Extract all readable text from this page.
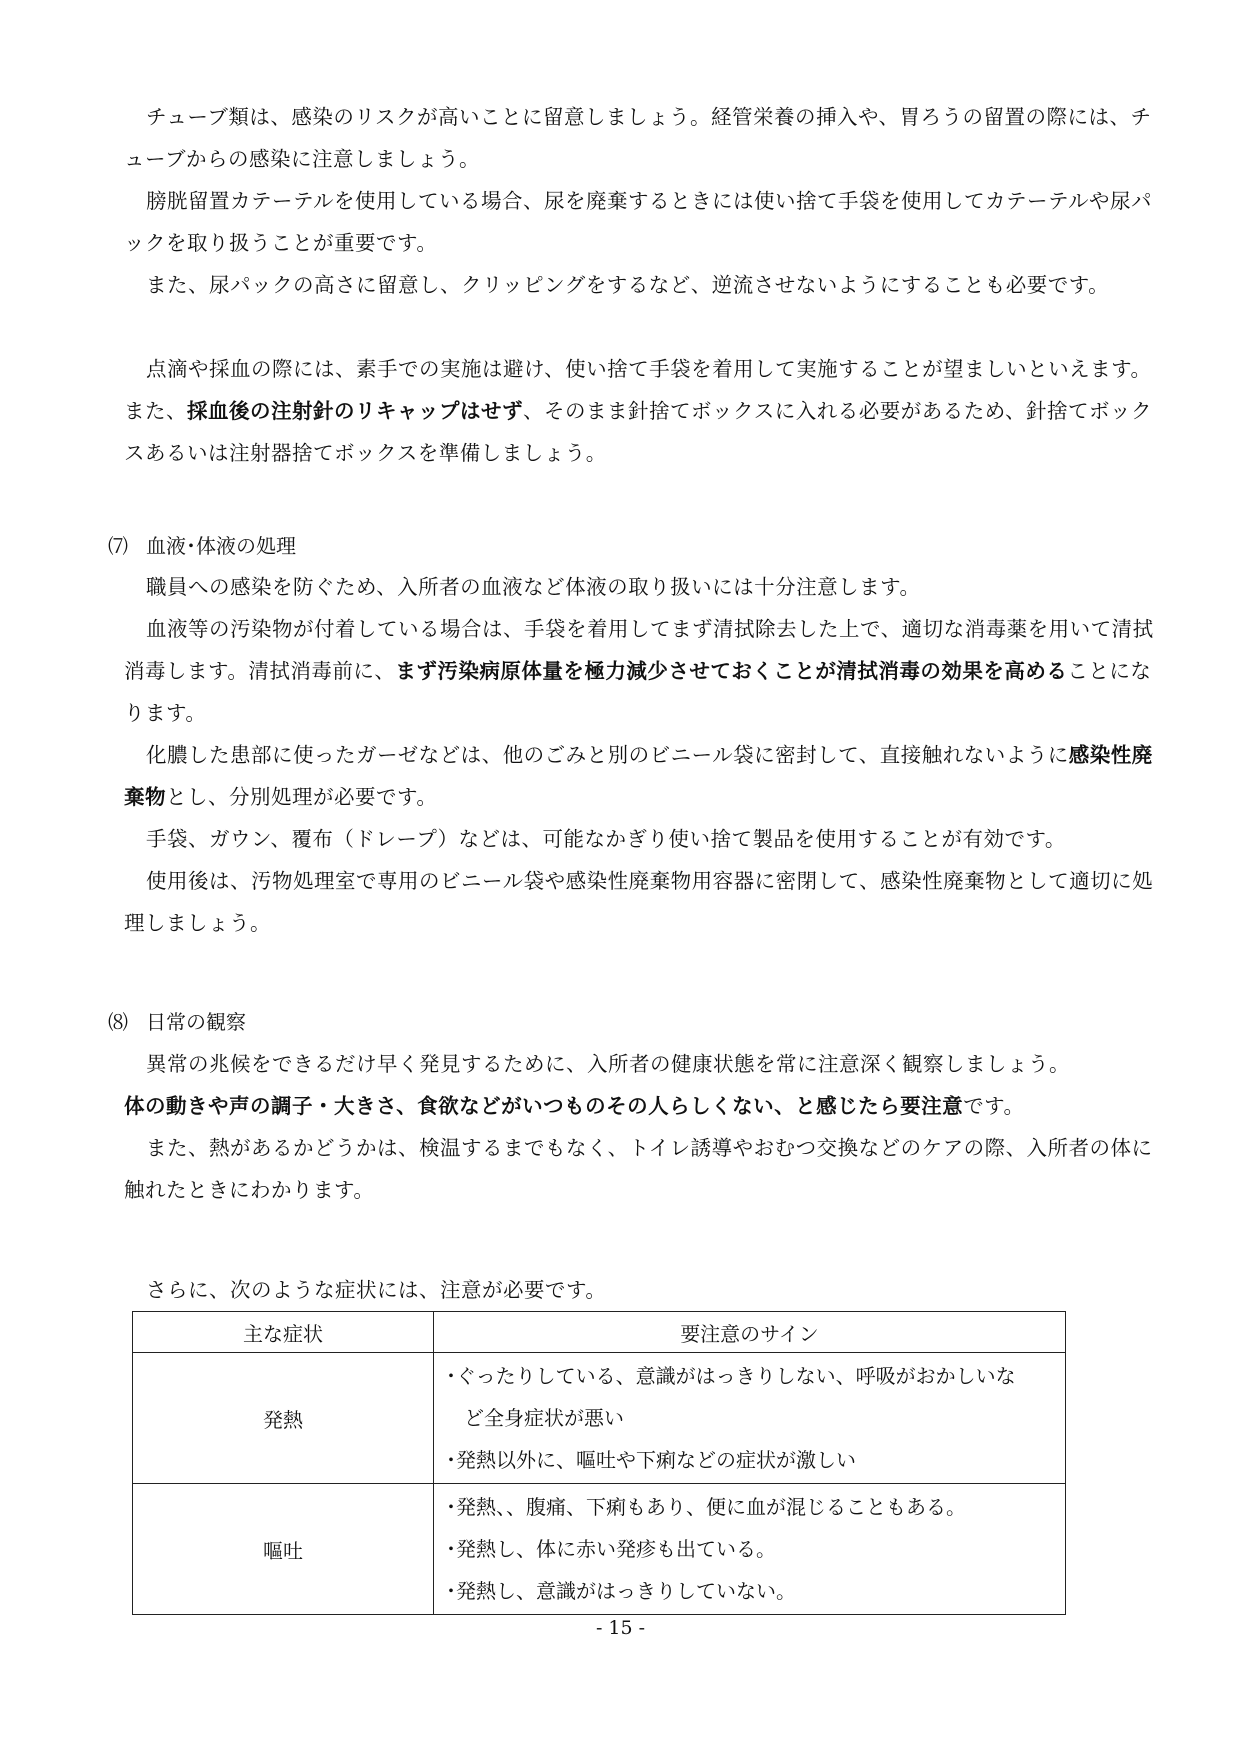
チューブ類は、感染のリスクが高いことに留意しましょう。経管栄養の挿入や、胃ろうの留置の際には、チューブからの感染に注意しましょう。

膀胱留置カテーテルを使用している場合、尿を廃棄するときには使い捨て手袋を使用してカテーテルや尿パックを取り扱うことが重要です。

また、尿パックの高さに留意し、クリッピングをするなど、逆流させないようにすることも必要です。

点滴や採血の際には、素手での実施は避け、使い捨て手袋を着用して実施することが望ましいといえます。また、採血後の注射針のリキャップはせず、そのまま針捨てボックスに入れる必要があるため、針捨てボックスあるいは注射器捨てボックスを準備しましょう。

⑺ 血液･体液の処理

職員への感染を防ぐため、入所者の血液など体液の取り扱いには十分注意します。

血液等の汚染物が付着している場合は、手袋を着用してまず清拭除去した上で、適切な消毒薬を用いて清拭消毒します。清拭消毒前に、まず汚染病原体量を極力減少させておくことが清拭消毒の効果を高めることになります。

化膿した患部に使ったガーゼなどは、他のごみと別のビニール袋に密封して、直接触れないように感染性廃棄物とし、分別処理が必要です。

手袋、ガウン、覆布（ドレープ）などは、可能なかぎり使い捨て製品を使用することが有効です。

使用後は、汚物処理室で専用のビニール袋や感染性廃棄物用容器に密閉して、感染性廃棄物として適切に処理しましょう。

⑻ 日常の観察

異常の兆候をできるだけ早く発見するために、入所者の健康状態を常に注意深く観察しましょう。

体の動きや声の調子・大きさ、食欲などがいつものその人らしくない、と感じたら要注意です。

また、熱があるかどうかは、検温するまでもなく、トイレ誘導やおむつ交換などのケアの際、入所者の体に触れたときにわかります。

さらに、次のような症状には、注意が必要です。

主な症状	要注意のサイン
発熱	･ぐったりしている、意識がはっきりしない、呼吸がおかしいな
ど全身症状が悪い
･発熱以外に、嘔吐や下痢などの症状が激しい

嘔吐	･発熱、、腹痛、下痢もあり、便に血が混じることもある。
･発熱し、体に赤い発疹も出ている。
･発熱し、意識がはっきりしていない。
- 15 -
